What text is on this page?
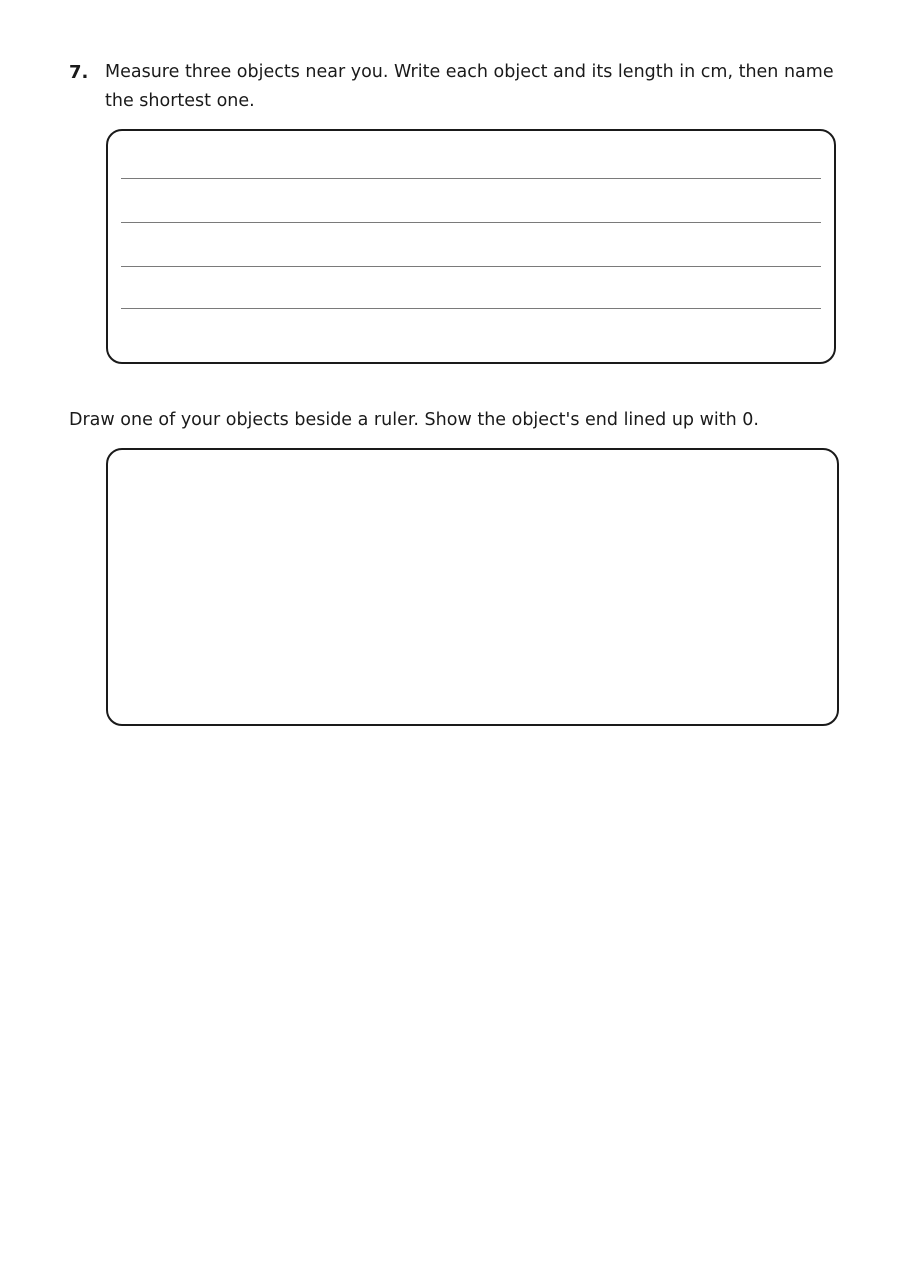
7. Measure three objects near you. Write each object and its length in cm, then name the shortest one.
Draw one of your objects beside a ruler. Show the object's end lined up with 0.
